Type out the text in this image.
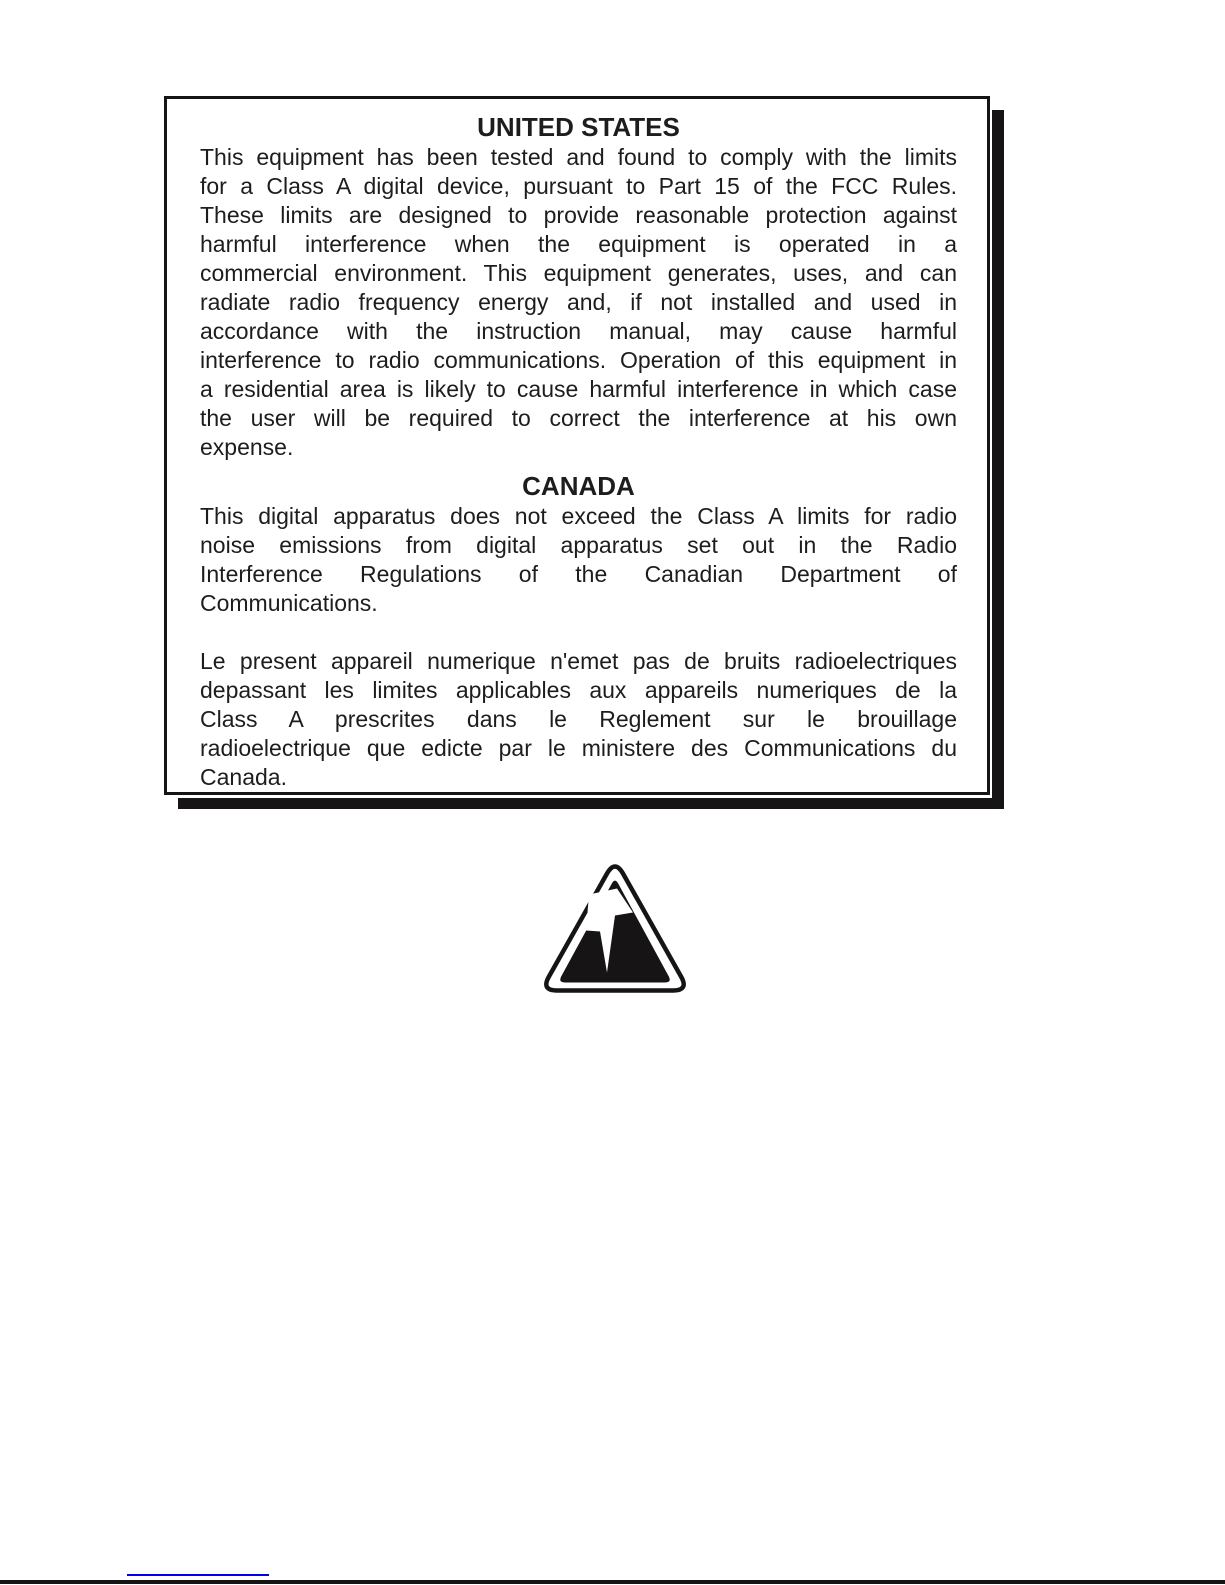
UNITED STATES
This equipment has been tested and found to comply with the limits
for a Class A digital device, pursuant to Part 15 of the FCC Rules.
These limits are designed to provide reasonable protection against
harmful interference when the equipment is operated in a
commercial environment. This equipment generates, uses, and can
radiate radio frequency energy and, if not installed and used in
accordance with the instruction manual, may cause harmful
interference to radio communications. Operation of this equipment in
a residential area is likely to cause harmful interference in which case
the user will be required to correct the interference at his own
expense.
CANADA
This digital apparatus does not exceed the Class A limits for radio
noise emissions from digital apparatus set out in the Radio
Interference Regulations of the Canadian Department of
Communications.
Le present appareil numerique n'emet pas de bruits radioelectriques
depassant les limites applicables aux appareils numeriques de la
Class A prescrites dans le Reglement sur le brouillage
radioelectrique que edicte par le ministere des Communications du
Canada.
